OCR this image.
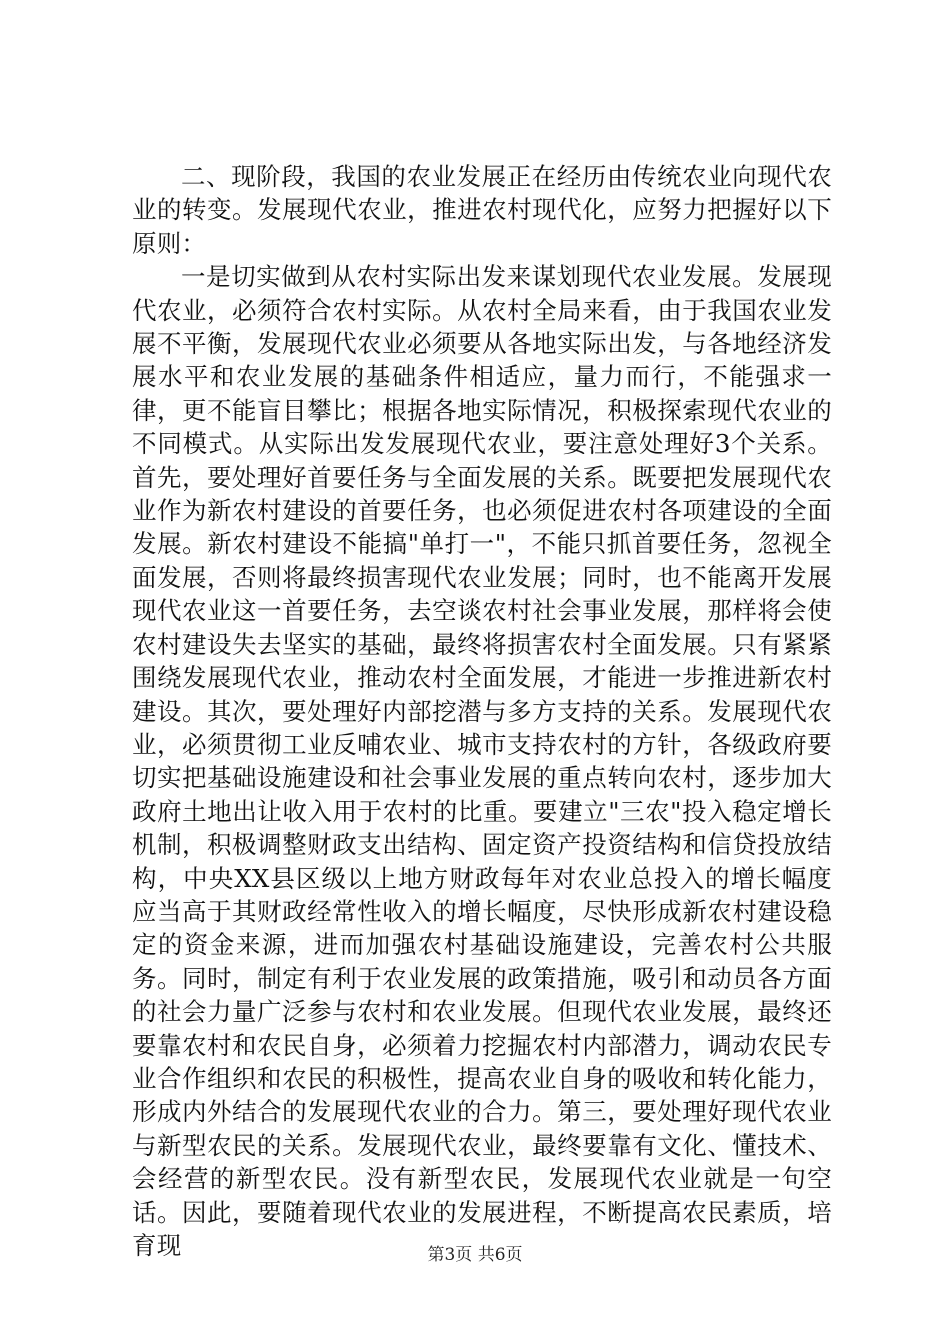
二、现阶段，我国的农业发展正在经历由传统农业向现代农业的转变。发展现代农业，推进农村现代化，应努力把握好以下原则：

一是切实做到从农村实际出发来谋划现代农业发展。发展现代农业，必须符合农村实际。从农村全局来看，由于我国农业发展不平衡，发展现代农业必须要从各地实际出发，与各地经济发展水平和农业发展的基础条件相适应，量力而行，不能强求一律，更不能盲目攀比；根据各地实际情况，积极探索现代农业的不同模式。从实际出发发展现代农业，要注意处理好3个关系。首先，要处理好首要任务与全面发展的关系。既要把发展现代农业作为新农村建设的首要任务，也必须促进农村各项建设的全面发展。新农村建设不能搞"单打一"，不能只抓首要任务，忽视全面发展，否则将最终损害现代农业发展；同时，也不能离开发展现代农业这一首要任务，去空谈农村社会事业发展，那样将会使农村建设失去坚实的基础，最终将损害农村全面发展。只有紧紧围绕发展现代农业，推动农村全面发展，才能进一步推进新农村建设。其次，要处理好内部挖潜与多方支持的关系。发展现代农业，必须贯彻工业反哺农业、城市支持农村的方针，各级政府要切实把基础设施建设和社会事业发展的重点转向农村，逐步加大政府土地出让收入用于农村的比重。要建立"三农"投入稳定增长机制，积极调整财政支出结构、固定资产投资结构和信贷投放结构，中央XX县区级以上地方财政每年对农业总投入的增长幅度应当高于其财政经常性收入的增长幅度，尽快形成新农村建设稳定的资金来源，进而加强农村基础设施建设，完善农村公共服务。同时，制定有利于农业发展的政策措施，吸引和动员各方面的社会力量广泛参与农村和农业发展。但现代农业发展，最终还要靠农村和农民自身，必须着力挖掘农村内部潜力，调动农民专业合作组织和农民的积极性，提高农业自身的吸收和转化能力，形成内外结合的发展现代农业的合力。第三，要处理好现代农业与新型农民的关系。发展现代农业，最终要靠有文化、懂技术、会经营的新型农民。没有新型农民，发展现代农业就是一句空话。因此，要随着现代农业的发展进程，不断提高农民素质，培育现	第3页 共6页
